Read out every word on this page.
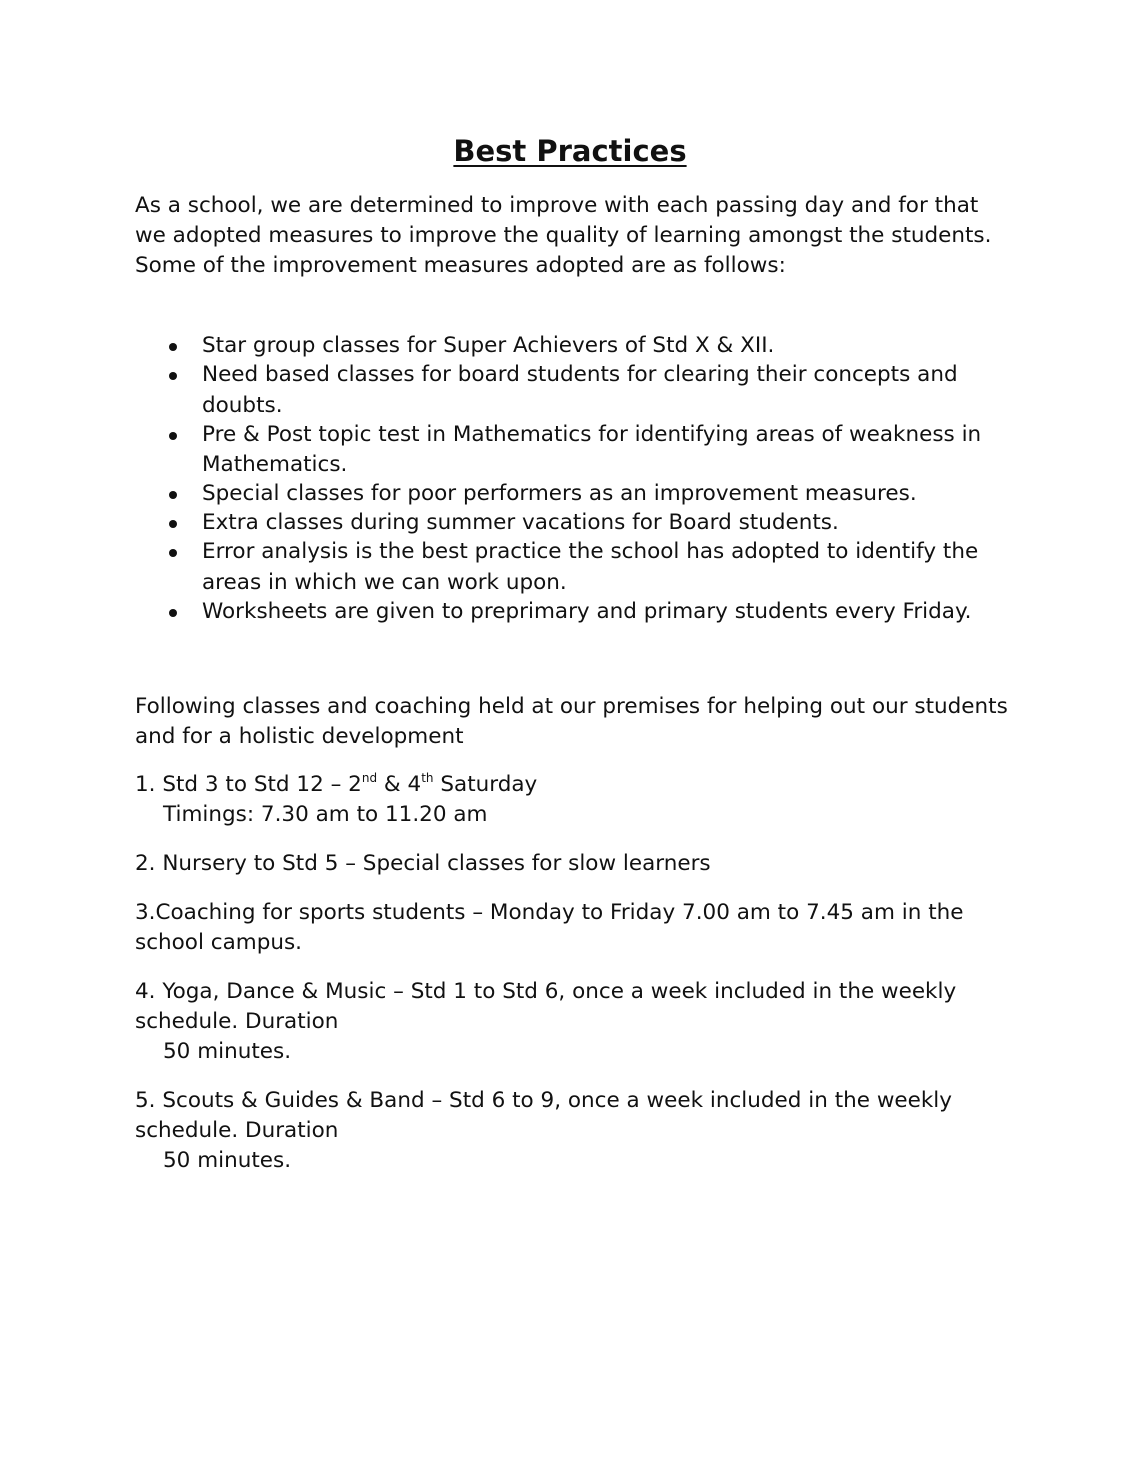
Best Practices
As a school, we are determined to improve with each passing day and for that we adopted measures to improve the quality of learning amongst the students.
Some of the improvement measures adopted are as follows:
Star group classes for Super Achievers of Std X & XII.
Need based classes for board students for clearing their concepts and doubts.
Pre & Post topic test in Mathematics for identifying areas of weakness in Mathematics.
Special classes for poor performers as an improvement measures.
Extra classes during summer vacations for Board students.
Error analysis is the best practice the school has adopted to identify the areas in which we can work upon.
Worksheets are given to preprimary and primary students every Friday.
Following classes and coaching held at our premises for helping out our students and for a holistic development
1. Std 3 to Std 12 – 2nd & 4th Saturday
Timings: 7.30 am to 11.20 am
2. Nursery to Std 5 – Special classes for slow learners
3.Coaching for sports students – Monday to Friday 7.00 am to 7.45 am in the school campus.
4. Yoga, Dance & Music – Std 1 to Std 6, once a week included in the weekly schedule. Duration
50 minutes.
5. Scouts & Guides & Band – Std 6 to 9, once a week included in the weekly schedule. Duration
50 minutes.
